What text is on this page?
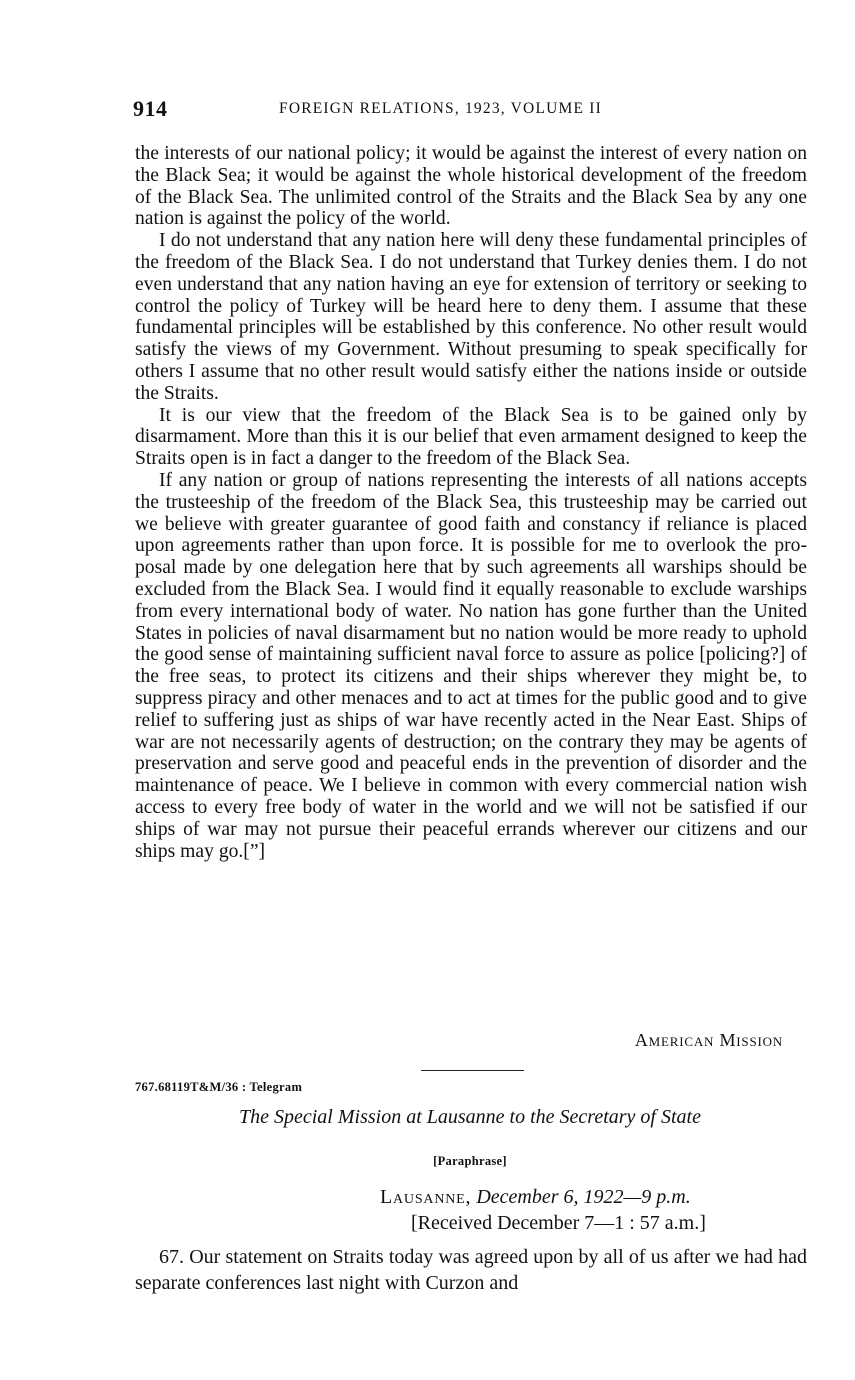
914	FOREIGN RELATIONS, 1923, VOLUME II

the interests of our national policy; it would be against the interest of every nation on the Black Sea; it would be against the whole historical development of the freedom of the Black Sea. The unlimited control of the Straits and the Black Sea by any one nation is against the policy of the world.

I do not understand that any nation here will deny these fundamental principles of the freedom of the Black Sea. I do not understand that Turkey denies them. I do not even understand that any nation having an eye for extension of territory or seeking to control the policy of Turkey will be heard here to deny them. I assume that these fundamental principles will be established by this conference. No other result would satisfy the views of my Government. Without presuming to speak specifically for others I assume that no other result would satisfy either the nations inside or outside the Straits.

It is our view that the freedom of the Black Sea is to be gained only by disarmament. More than this it is our belief that even armament designed to keep the Straits open is in fact a danger to the freedom of the Black Sea.

If any nation or group of nations representing the interests of all nations accepts the trusteeship of the freedom of the Black Sea, this trusteeship may be carried out we believe with greater guarantee of good faith and constancy if reliance is placed upon agreements rather than upon force. It is possible for me to overlook the proposal made by one delegation here that by such agreements all warships should be excluded from the Black Sea. I would find it equally reasonable to exclude warships from every international body of water. No nation has gone further than the United States in policies of naval disarmament but no nation would be more ready to uphold the good sense of maintaining sufficient naval force to assure as police [policing?] of the free seas, to protect its citizens and their ships wherever they might be, to suppress piracy and other menaces and to act at times for the public good and to give relief to suffering just as ships of war have recently acted in the Near East. Ships of war are not necessarily agents of destruction; on the contrary they may be agents of preservation and serve good and peaceful ends in the prevention of disorder and the maintenance of peace. We I believe in common with every commercial nation wish access to every free body of water in the world and we will not be satisfied if our ships of war may not pursue their peaceful errands wherever our citizens and our ships may go.[”]

American Mission
767.68119T&M/36 : Telegram
The Special Mission at Lausanne to the Secretary of State
[Paraphrase]
Lausanne, December 6, 1922—9 p.m.
[Received December 7—1 : 57 a.m.]

67. Our statement on Straits today was agreed upon by all of us after we had had separate conferences last night with Curzon and
